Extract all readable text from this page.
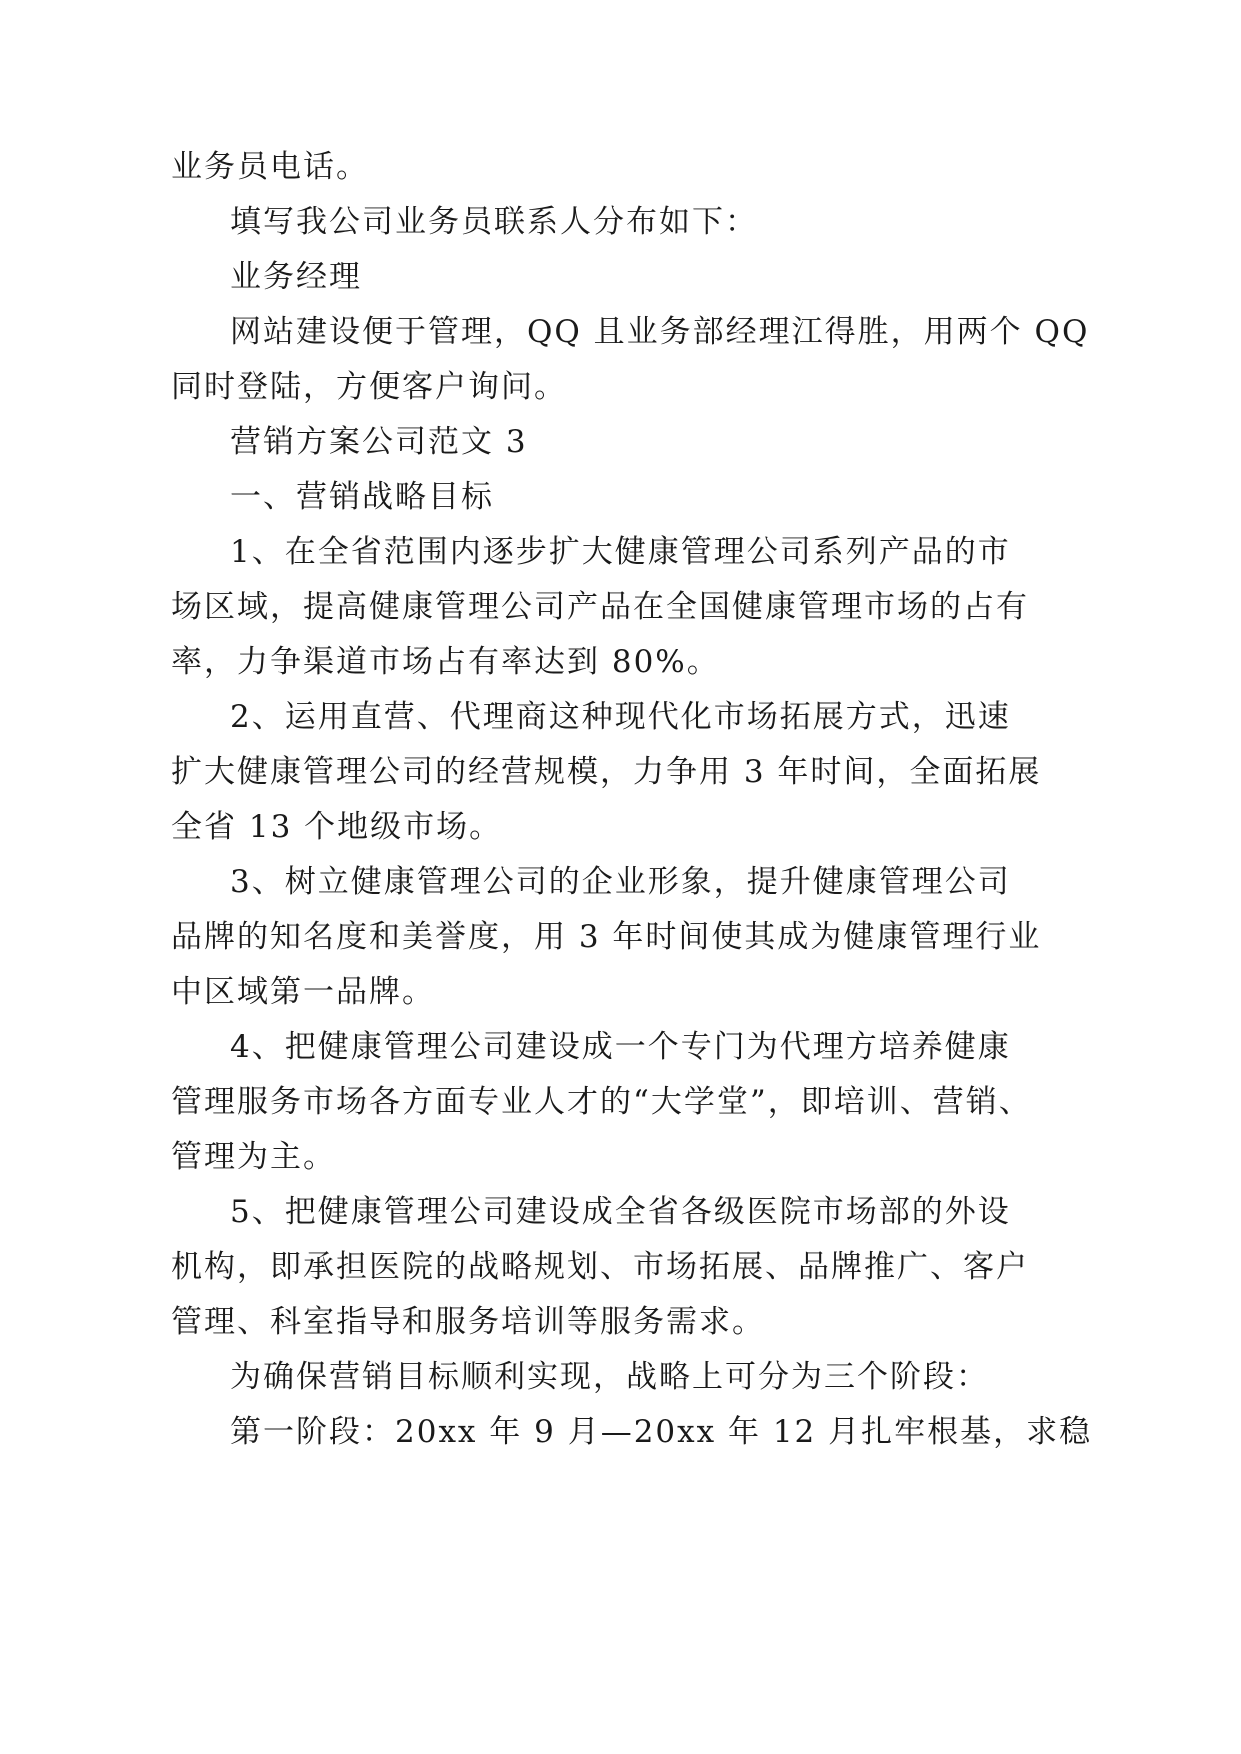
业务员电话。
填写我公司业务员联系人分布如下：
业务经理
网站建设便于管理，QQ 且业务部经理江得胜，用两个 QQ
同时登陆，方便客户询问。
营销方案公司范文 3
一、营销战略目标
1、在全省范围内逐步扩大健康管理公司系列产品的市
场区域，提高健康管理公司产品在全国健康管理市场的占有
率，力争渠道市场占有率达到 80%。
2、运用直营、代理商这种现代化市场拓展方式，迅速
扩大健康管理公司的经营规模，力争用 3 年时间，全面拓展
全省 13 个地级市场。
3、树立健康管理公司的企业形象，提升健康管理公司
品牌的知名度和美誉度，用 3 年时间使其成为健康管理行业
中区域第一品牌。
4、把健康管理公司建设成一个专门为代理方培养健康
管理服务市场各方面专业人才的“大学堂”，即培训、营销、
管理为主。
5、把健康管理公司建设成全省各级医院市场部的外设
机构，即承担医院的战略规划、市场拓展、品牌推广、客户
管理、科室指导和服务培训等服务需求。
为确保营销目标顺利实现，战略上可分为三个阶段：
第一阶段：20xx 年 9 月—20xx 年 12 月扎牢根基，求稳
